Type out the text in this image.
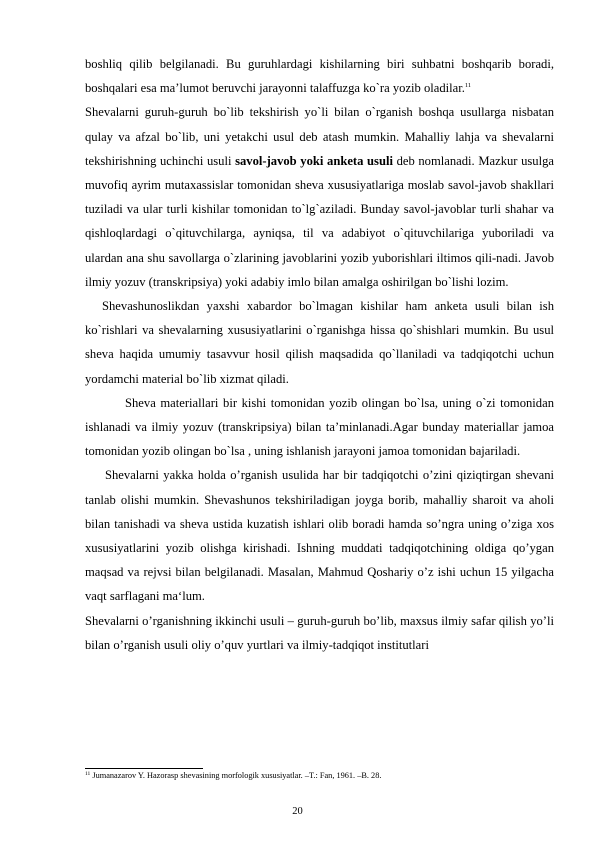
boshliq qilib belgilanadi. Bu guruhlardagi kishilarning biri suhbatni boshqarib boradi, boshqalari esa ma’lumot beruvchi jarayonni talaffuzga ko`ra yozib oladilar.$^{11}$

Shevalarni guruh-guruh bo`lib tekshirish yo`li bilan o`rganish boshqa usullarga nisbatan qulay va afzal bo`lib, uni yetakchi usul deb atash mumkin. Mahalliy lahja va shevalarni tekshirishning uchinchi usuli savol-javob yoki anketa usuli deb nomlanadi. Mazkur usulga muvofiq ayrim mutaxassislar tomonidan sheva xususiyatlariga moslab savol-javob shakllari tuziladi va ular turli kishilar tomonidan to`lg`aziladi. Bunday savol-javoblar turli shahar va qishloqlardagi o`qituvchilarga, ayniqsa, til va adabiyot o`qituvchilariga yuboriladi va ulardan ana shu savollarga o`zlarining javoblarini yozib yuborishlari iltimos qili-nadi. Javob ilmiy yozuv (transkripsiya) yoki adabiy imlo bilan amalga oshirilgan bo`lishi lozim.

Shevashunoslikdan yaxshi xabardor bo`lmagan kishilar ham anketa usuli bilan ish ko`rishlari va shevalarning xususiyatlarini o`rganishga hissa qo`shishlari mumkin. Bu usul sheva haqida umumiy tasavvur hosil qilish maqsadida qo`llaniladi va tadqiqotchi uchun yordamchi material bo`lib xizmat qiladi.

Sheva materiallari bir kishi tomonidan yozib olingan bo`lsa, uning o`zi tomonidan ishlanadi va ilmiy yozuv (transkripsiya) bilan ta’minlanadi.Agar bunday materiallar jamoa tomonidan yozib olingan bo`lsa , uning ishlanish jarayoni jamoa tomonidan bajariladi.

Shevalarni yakka holda o’rganish usulida har bir tadqiqotchi o’zini qiziqtirgan shevani tanlab olishi mumkin. Shevashunos tekshiriladigan joyga borib, mahalliy sharoit va aholi bilan tanishadi va sheva ustida kuzatish ishlari olib boradi hamda so’ngra uning o’ziga xos xususiyatlarini yozib olishga kirishadi. Ishning muddati tadqiqotchining oldiga qo’ygan maqsad va rejvsi bilan belgilanadi. Masalan, Mahmud Qoshariy o’z ishi uchun 15 yilgacha vaqt sarflagani ma‘lum.

Shevalarni o’rganishning ikkinchi usuli – guruh-guruh bo’lib, maxsus ilmiy safar qilish yo’li bilan o’rganish usuli oliy o’quv yurtlari va ilmiy-tadqiqot institutlari

$^{11}$ Jumanazarov Y. Hazorasp shevasining morfologik xususiyatlar. –T.: Fan, 1961. –B. 28.
20
